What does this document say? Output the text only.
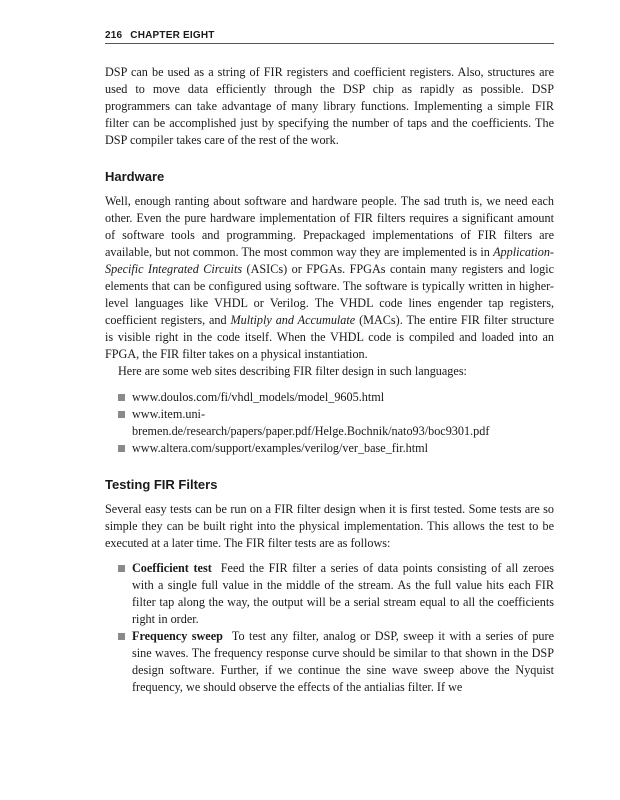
216 CHAPTER EIGHT

DSP can be used as a string of FIR registers and coefficient registers. Also, structures are used to move data efficiently through the DSP chip as rapidly as possible. DSP programmers can take advantage of many library functions. Implementing a simple FIR filter can be accomplished just by specifying the number of taps and the coefficients. The DSP compiler takes care of the rest of the work.

Hardware

Well, enough ranting about software and hardware people. The sad truth is, we need each other. Even the pure hardware implementation of FIR filters requires a significant amount of software tools and programming. Prepackaged implementations of FIR filters are available, but not common. The most common way they are implemented is in Application-Specific Integrated Circuits (ASICs) or FPGAs. FPGAs contain many registers and logic elements that can be configured using software. The software is typically written in higher-level languages like VHDL or Verilog. The VHDL code lines engender tap registers, coefficient registers, and Multiply and Accumulate (MACs). The entire FIR filter structure is visible right in the code itself. When the VHDL code is compiled and loaded into an FPGA, the FIR filter takes on a physical instantiation.

Here are some web sites describing FIR filter design in such languages:

www.doulos.com/fi/vhdl_models/model_9605.html
www.item.uni-bremen.de/research/papers/paper.pdf/Helge.Bochnik/nato93/boc9301.pdf
www.altera.com/support/examples/verilog/ver_base_fir.html
Testing FIR Filters

Several easy tests can be run on a FIR filter design when it is first tested. Some tests are so simple they can be built right into the physical implementation. This allows the test to be executed at a later time. The FIR filter tests are as follows:

Coefficient test Feed the FIR filter a series of data points consisting of all zeroes with a single full value in the middle of the stream. As the full value hits each FIR filter tap along the way, the output will be a serial stream equal to all the coefficients right in order.
Frequency sweep To test any filter, analog or DSP, sweep it with a series of pure sine waves. The frequency response curve should be similar to that shown in the DSP design software. Further, if we continue the sine wave sweep above the Nyquist frequency, we should observe the effects of the antialias filter. If we
